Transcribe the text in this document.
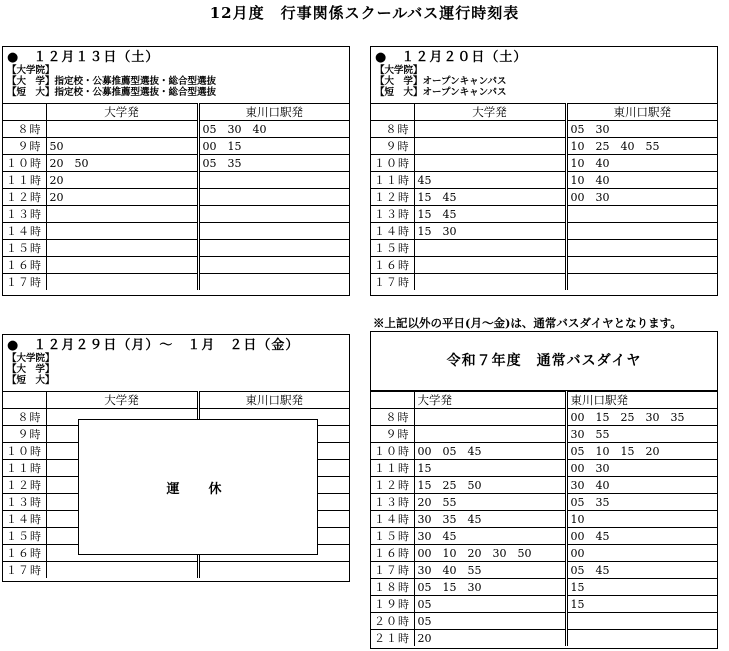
12月度　行事関係スクールバス運行時刻表
●　１２月１３日（土）
【大学院】
【大　学】指定校・公募推薦型選抜・総合型選抜
【短　大】指定校・公募推薦型選抜・総合型選抜
	大学発	東川口駅発
８時		05　30　40
９時	50	00　15
１０時	20　50	05　35
１１時	20	
１２時	20	
１３時		
１４時		
１５時		
１６時		
１７時		
●　１２月２０日（土）
【大学院】
【大　学】オープンキャンパス
【短　大】オープンキャンパス
	大学発	東川口駅発
８時		05　30
９時		10　25　40　55
１０時		10　40
１１時	45	10　40
１２時	15　45	00　30
１３時	15　45	
１４時	15　30	
１５時		
１６時		
１７時		
●　１２月２９日（月）～　１月　２日（金）
【大学院】
【大　学】
【短　大】
	大学発	東川口駅発
８時		
９時		
１０時		
１１時		
１２時		
１３時		
１４時		
１５時		
１６時		
１７時		
運　休
※上記以外の平日(月～金)は、通常バスダイヤとなります。
令和７年度　通常バスダイヤ
	大学発	東川口駅発
８時		00　15　25　30　35
９時		30　55
１０時	00　05　45	05　10　15　20
１１時	15	00　30
１２時	15　25　50	30　40
１３時	20　55	05　35
１４時	30　35　45	10
１５時	30　45	00　45
１６時	00　10　20　30　50	00
１７時	30　40　55	05　45
１８時	05　15　30	15
１９時	05	15
２０時	05	
２１時	20	
